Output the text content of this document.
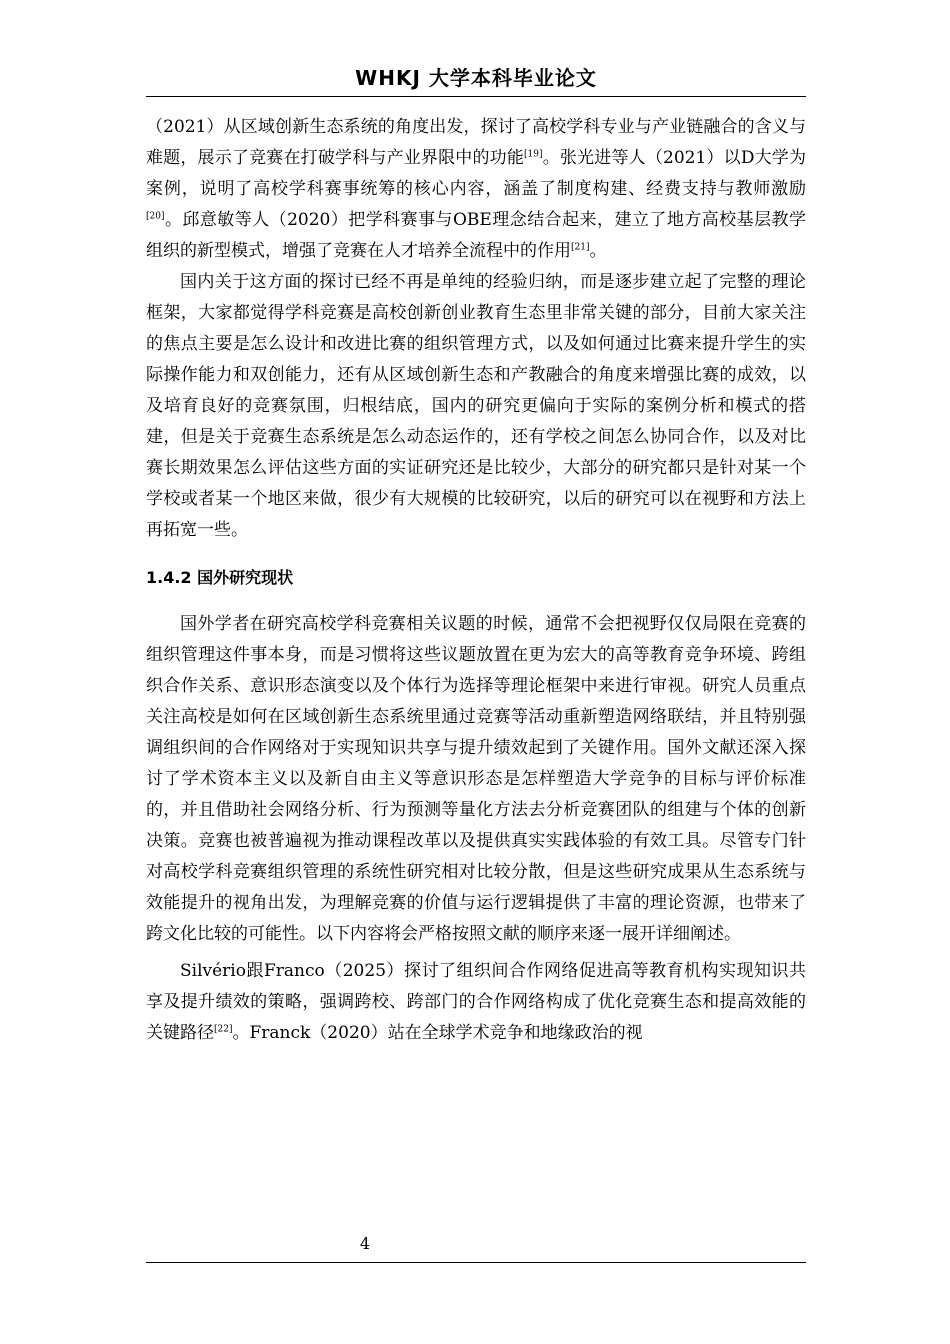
WHKJ 大学本科毕业论文

（2021）从区域创新生态系统的角度出发，探讨了高校学科专业与产业链融合的含义与难题，展示了竞赛在打破学科与产业界限中的功能[19]。张光进等人（2021）以D大学为案例，说明了高校学科赛事统筹的核心内容，涵盖了制度构建、经费支持与教师激励[20]。邱意敏等人（2020）把学科赛事与OBE理念结合起来，建立了地方高校基层教学组织的新型模式，增强了竞赛在人才培养全流程中的作用[21]。

国内关于这方面的探讨已经不再是单纯的经验归纳，而是逐步建立起了完整的理论框架，大家都觉得学科竞赛是高校创新创业教育生态里非常关键的部分，目前大家关注的焦点主要是怎么设计和改进比赛的组织管理方式，以及如何通过比赛来提升学生的实际操作能力和双创能力，还有从区域创新生态和产教融合的角度来增强比赛的成效，以及培育良好的竞赛氛围，归根结底，国内的研究更偏向于实际的案例分析和模式的搭建，但是关于竞赛生态系统是怎么动态运作的，还有学校之间怎么协同合作，以及对比赛长期效果怎么评估这些方面的实证研究还是比较少，大部分的研究都只是针对某一个学校或者某一个地区来做，很少有大规模的比较研究，以后的研究可以在视野和方法上再拓宽一些。

1.4.2 国外研究现状

国外学者在研究高校学科竞赛相关议题的时候，通常不会把视野仅仅局限在竞赛的组织管理这件事本身，而是习惯将这些议题放置在更为宏大的高等教育竞争环境、跨组织合作关系、意识形态演变以及个体行为选择等理论框架中来进行审视。研究人员重点关注高校是如何在区域创新生态系统里通过竞赛等活动重新塑造网络联结，并且特别强调组织间的合作网络对于实现知识共享与提升绩效起到了关键作用。国外文献还深入探讨了学术资本主义以及新自由主义等意识形态是怎样塑造大学竞争的目标与评价标准的，并且借助社会网络分析、行为预测等量化方法去分析竞赛团队的组建与个体的创新决策。竞赛也被普遍视为推动课程改革以及提供真实实践体验的有效工具。尽管专门针对高校学科竞赛组织管理的系统性研究相对比较分散，但是这些研究成果从生态系统与效能提升的视角出发，为理解竞赛的价值与运行逻辑提供了丰富的理论资源，也带来了跨文化比较的可能性。以下内容将会严格按照文献的顺序来逐一展开详细阐述。

Silvério跟Franco（2025）探讨了组织间合作网络促进高等教育机构实现知识共享及提升绩效的策略，强调跨校、跨部门的合作网络构成了优化竞赛生态和提高效能的关键路径[22]。Franck（2020）站在全球学术竞争和地缘政治的视

4
